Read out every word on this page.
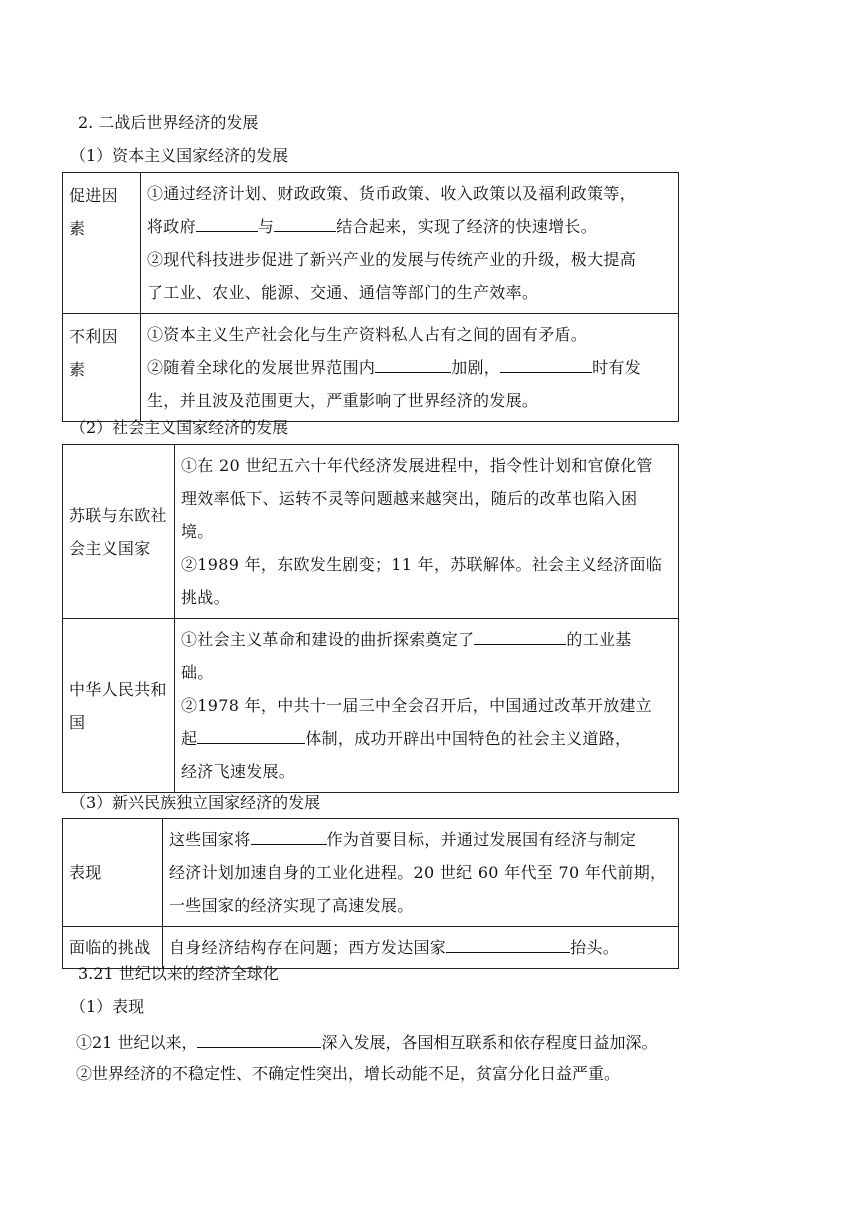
2. 二战后世界经济的发展
（1）资本主义国家经济的发展
促进因素	①通过经济计划、财政政策、货币政策、收入政策以及福利政策等，
将政府 与 结合起来，实现了经济的快速增长。
②现代科技进步促进了新兴产业的发展与传统产业的升级，极大提高
了工业、农业、能源、交通、通信等部门的生产效率。

不利因素	①资本主义生产社会化与生产资料私人占有之间的固有矛盾。
②随着全球化的发展世界范围内 加剧， 时有发
生，并且波及范围更大，严重影响了世界经济的发展。
（2）社会主义国家经济的发展
苏联与东欧社会主义国家	①在 20 世纪五六十年代经济发展进程中，指令性计划和官僚化管
理效率低下、运转不灵等问题越来越突出，随后的改革也陷入困
境。
②1989 年，东欧发生剧变；11 年，苏联解体。社会主义经济面临
挑战。

中华人民共和国	①社会主义革命和建设的曲折探索奠定了 的工业基
础。
②1978 年，中共十一届三中全会召开后，中国通过改革开放建立
起 体制，成功开辟出中国特色的社会主义道路，
经济飞速发展。
（3）新兴民族独立国家经济的发展
表现	这些国家将 作为首要目标，并通过发展国有经济与制定
经济计划加速自身的工业化进程。20 世纪 60 年代至 70 年代前期，
一些国家的经济实现了高速发展。

面临的挑战	自身经济结构存在问题；西方发达国家 抬头。
3.21 世纪以来的经济全球化
（1）表现
①21 世纪以来，	深入发展，各国相互联系和依存程度日益加深。
②世界经济的不稳定性、不确定性突出，增长动能不足，贫富分化日益严重。
